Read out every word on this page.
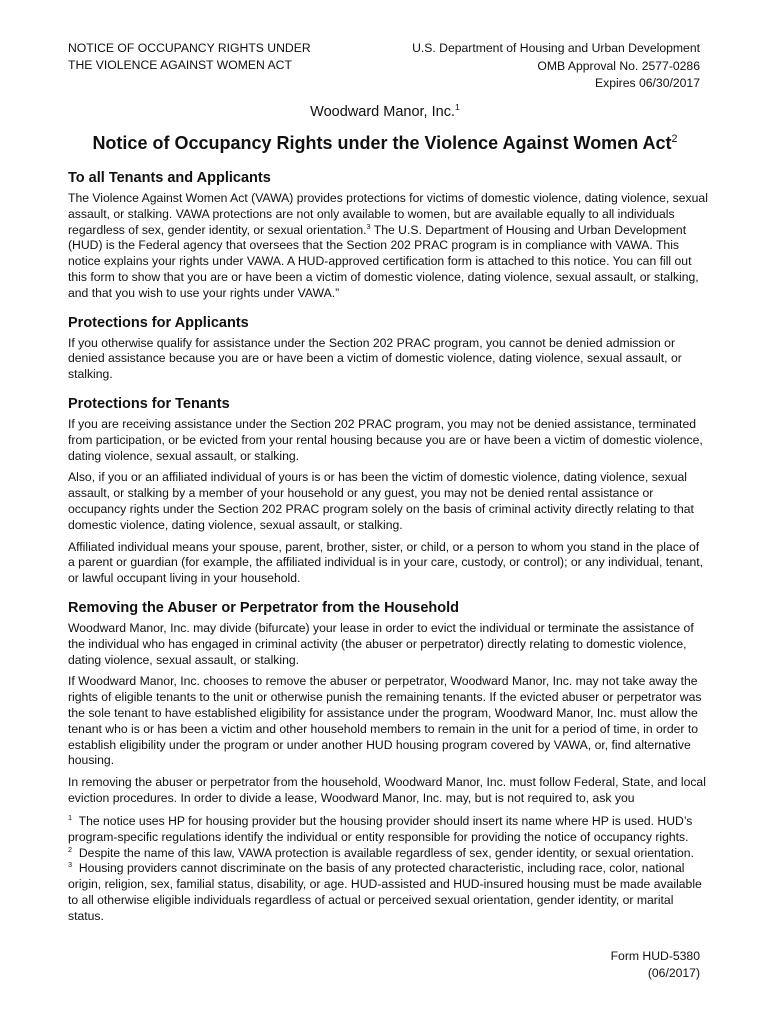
NOTICE OF OCCUPANCY RIGHTS UNDER
THE VIOLENCE AGAINST WOMEN ACT
U.S. Department of Housing and Urban Development
OMB Approval No. 2577-0286
Expires 06/30/2017
Woodward Manor, Inc.$^1$
Notice of Occupancy Rights under the Violence Against Women Act$^2$
To all Tenants and Applicants

The Violence Against Women Act (VAWA) provides protections for victims of domestic violence, dating violence, sexual assault, or stalking. VAWA protections are not only available to women, but are available equally to all individuals regardless of sex, gender identity, or sexual orientation.$^3$ The U.S. Department of Housing and Urban Development (HUD) is the Federal agency that oversees that the Section 202 PRAC program is in compliance with VAWA. This notice explains your rights under VAWA. A HUD-approved certification form is attached to this notice. You can fill out this form to show that you are or have been a victim of domestic violence, dating violence, sexual assault, or stalking, and that you wish to use your rights under VAWA.”

Protections for Applicants

If you otherwise qualify for assistance under the Section 202 PRAC program, you cannot be denied admission or denied assistance because you are or have been a victim of domestic violence, dating violence, sexual assault, or stalking.

Protections for Tenants

If you are receiving assistance under the Section 202 PRAC program, you may not be denied assistance, terminated from participation, or be evicted from your rental housing because you are or have been a victim of domestic violence, dating violence, sexual assault, or stalking.

Also, if you or an affiliated individual of yours is or has been the victim of domestic violence, dating violence, sexual assault, or stalking by a member of your household or any guest, you may not be denied rental assistance or occupancy rights under the Section 202 PRAC program solely on the basis of criminal activity directly relating to that domestic violence, dating violence, sexual assault, or stalking.

Affiliated individual means your spouse, parent, brother, sister, or child, or a person to whom you stand in the place of a parent or guardian (for example, the affiliated individual is in your care, custody, or control); or any individual, tenant, or lawful occupant living in your household.

Removing the Abuser or Perpetrator from the Household

Woodward Manor, Inc. may divide (bifurcate) your lease in order to evict the individual or terminate the assistance of the individual who has engaged in criminal activity (the abuser or perpetrator) directly relating to domestic violence, dating violence, sexual assault, or stalking.

If Woodward Manor, Inc. chooses to remove the abuser or perpetrator, Woodward Manor, Inc. may not take away the rights of eligible tenants to the unit or otherwise punish the remaining tenants. If the evicted abuser or perpetrator was the sole tenant to have established eligibility for assistance under the program, Woodward Manor, Inc. must allow the tenant who is or has been a victim and other household members to remain in the unit for a period of time, in order to establish eligibility under the program or under another HUD housing program covered by VAWA, or, find alternative housing.

In removing the abuser or perpetrator from the household, Woodward Manor, Inc. must follow Federal, State, and local eviction procedures. In order to divide a lease, Woodward Manor, Inc. may, but is not required to, ask you

$^1$ The notice uses HP for housing provider but the housing provider should insert its name where HP is used. HUD’s program-specific regulations identify the individual or entity responsible for providing the notice of occupancy rights.

$^2$ Despite the name of this law, VAWA protection is available regardless of sex, gender identity, or sexual orientation.

$^3$ Housing providers cannot discriminate on the basis of any protected characteristic, including race, color, national origin, religion, sex, familial status, disability, or age. HUD-assisted and HUD-insured housing must be made available to all otherwise eligible individuals regardless of actual or perceived sexual orientation, gender identity, or marital status.

Form HUD-5380
(06/2017)
